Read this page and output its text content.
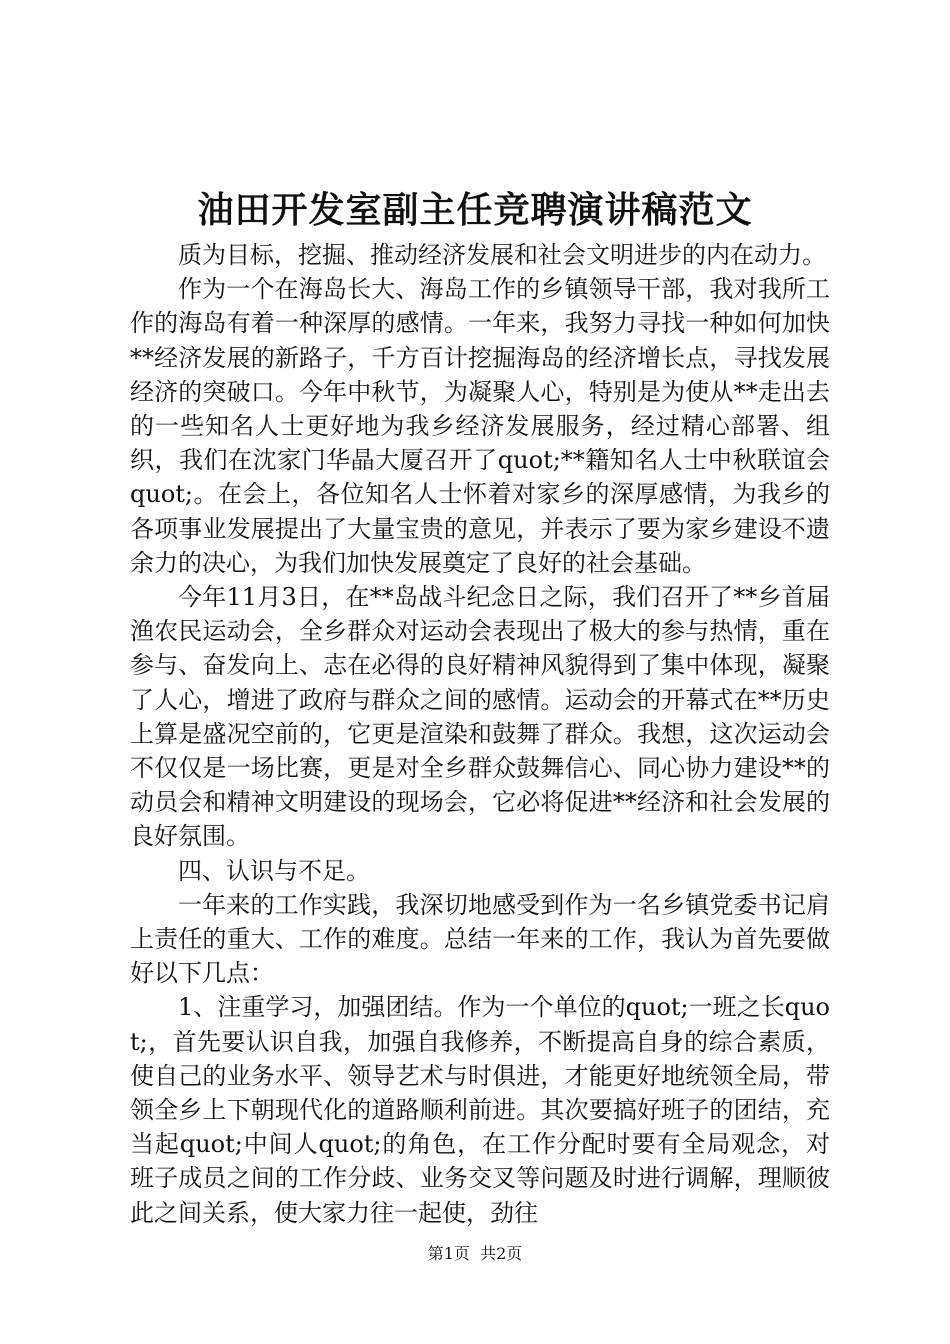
油田开发室副主任竞聘演讲稿范文

质为目标，挖掘、推动经济发展和社会文明进步的内在动力。

作为一个在海岛长大、海岛工作的乡镇领导干部，我对我所工作的海岛有着一种深厚的感情。一年来，我努力寻找一种如何加快**经济发展的新路子，千方百计挖掘海岛的经济增长点，寻找发展经济的突破口。今年中秋节，为凝聚人心，特别是为使从**走出去的一些知名人士更好地为我乡经济发展服务，经过精心部署、组织，我们在沈家门华晶大厦召开了quot;**籍知名人士中秋联谊会quot;。在会上，各位知名人士怀着对家乡的深厚感情，为我乡的各项事业发展提出了大量宝贵的意见，并表示了要为家乡建设不遗余力的决心，为我们加快发展奠定了良好的社会基础。

今年11月3日，在**岛战斗纪念日之际，我们召开了**乡首届渔农民运动会，全乡群众对运动会表现出了极大的参与热情，重在参与、奋发向上、志在必得的良好精神风貌得到了集中体现，凝聚了人心，增进了政府与群众之间的感情。运动会的开幕式在**历史上算是盛况空前的，它更是渲染和鼓舞了群众。我想，这次运动会不仅仅是一场比赛，更是对全乡群众鼓舞信心、同心协力建设**的动员会和精神文明建设的现场会，它必将促进**经济和社会发展的良好氛围。

四、认识与不足。

一年来的工作实践，我深切地感受到作为一名乡镇党委书记肩上责任的重大、工作的难度。总结一年来的工作，我认为首先要做好以下几点：

1、注重学习，加强团结。作为一个单位的quot;一班之长quot;，首先要认识自我，加强自我修养，不断提高自身的综合素质，使自己的业务水平、领导艺术与时俱进，才能更好地统领全局，带领全乡上下朝现代化的道路顺利前进。其次要搞好班子的团结，充当起quot;中间人quot;的角色，在工作分配时要有全局观念，对班子成员之间的工作分歧、业务交叉等问题及时进行调解，理顺彼此之间关系，使大家力往一起使，劲往

第1页  共2页
